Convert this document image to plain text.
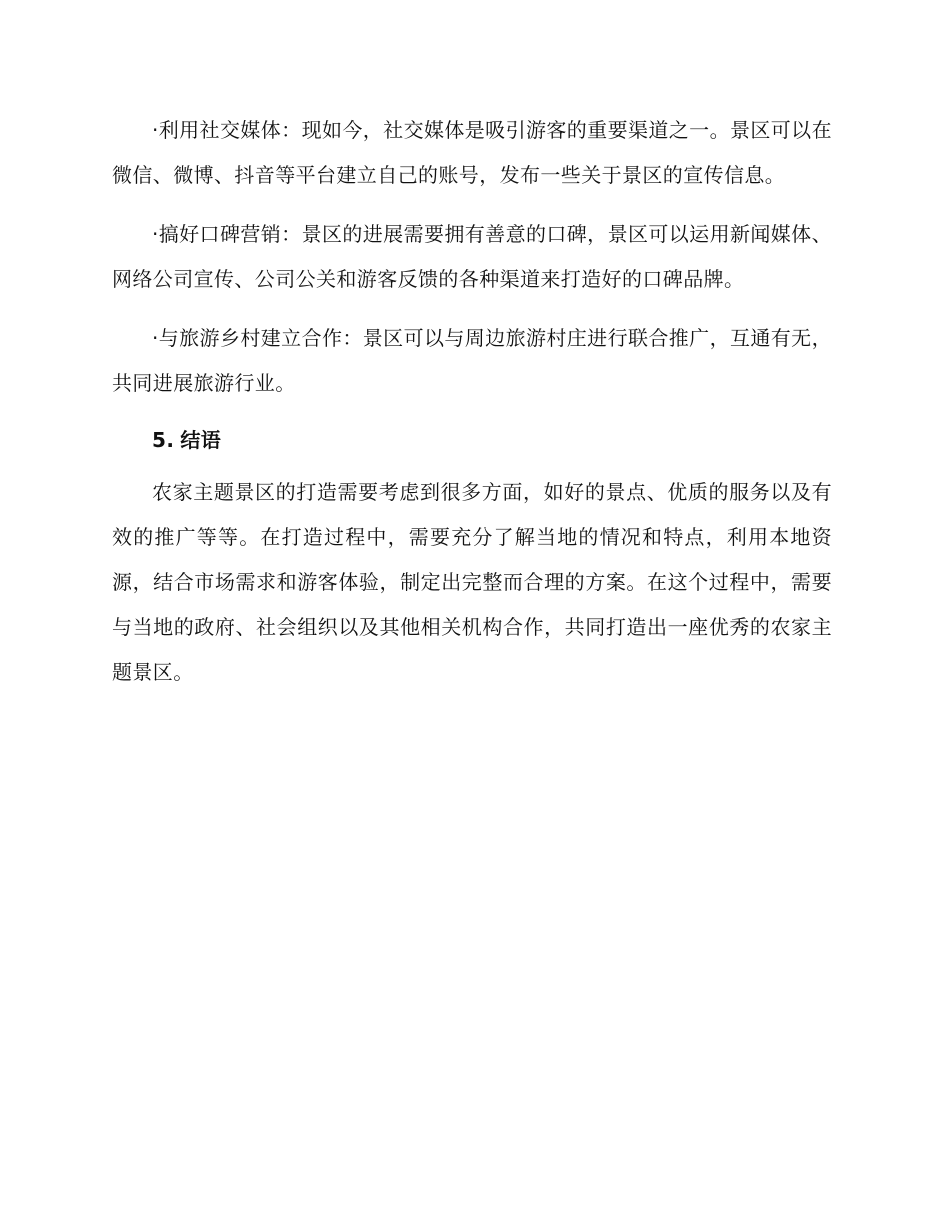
·利用社交媒体：现如今，社交媒体是吸引游客的重要渠道之一。景区可以在微信、微博、抖音等平台建立自己的账号，发布一些关于景区的宣传信息。

·搞好口碑营销：景区的进展需要拥有善意的口碑，景区可以运用新闻媒体、网络公司宣传、公司公关和游客反馈的各种渠道来打造好的口碑品牌。

·与旅游乡村建立合作：景区可以与周边旅游村庄进行联合推广，互通有无，共同进展旅游行业。

5. 结语

农家主题景区的打造需要考虑到很多方面，如好的景点、优质的服务以及有效的推广等等。在打造过程中，需要充分了解当地的情况和特点，利用本地资源，结合市场需求和游客体验，制定出完整而合理的方案。在这个过程中，需要与当地的政府、社会组织以及其他相关机构合作，共同打造出一座优秀的农家主题景区。
